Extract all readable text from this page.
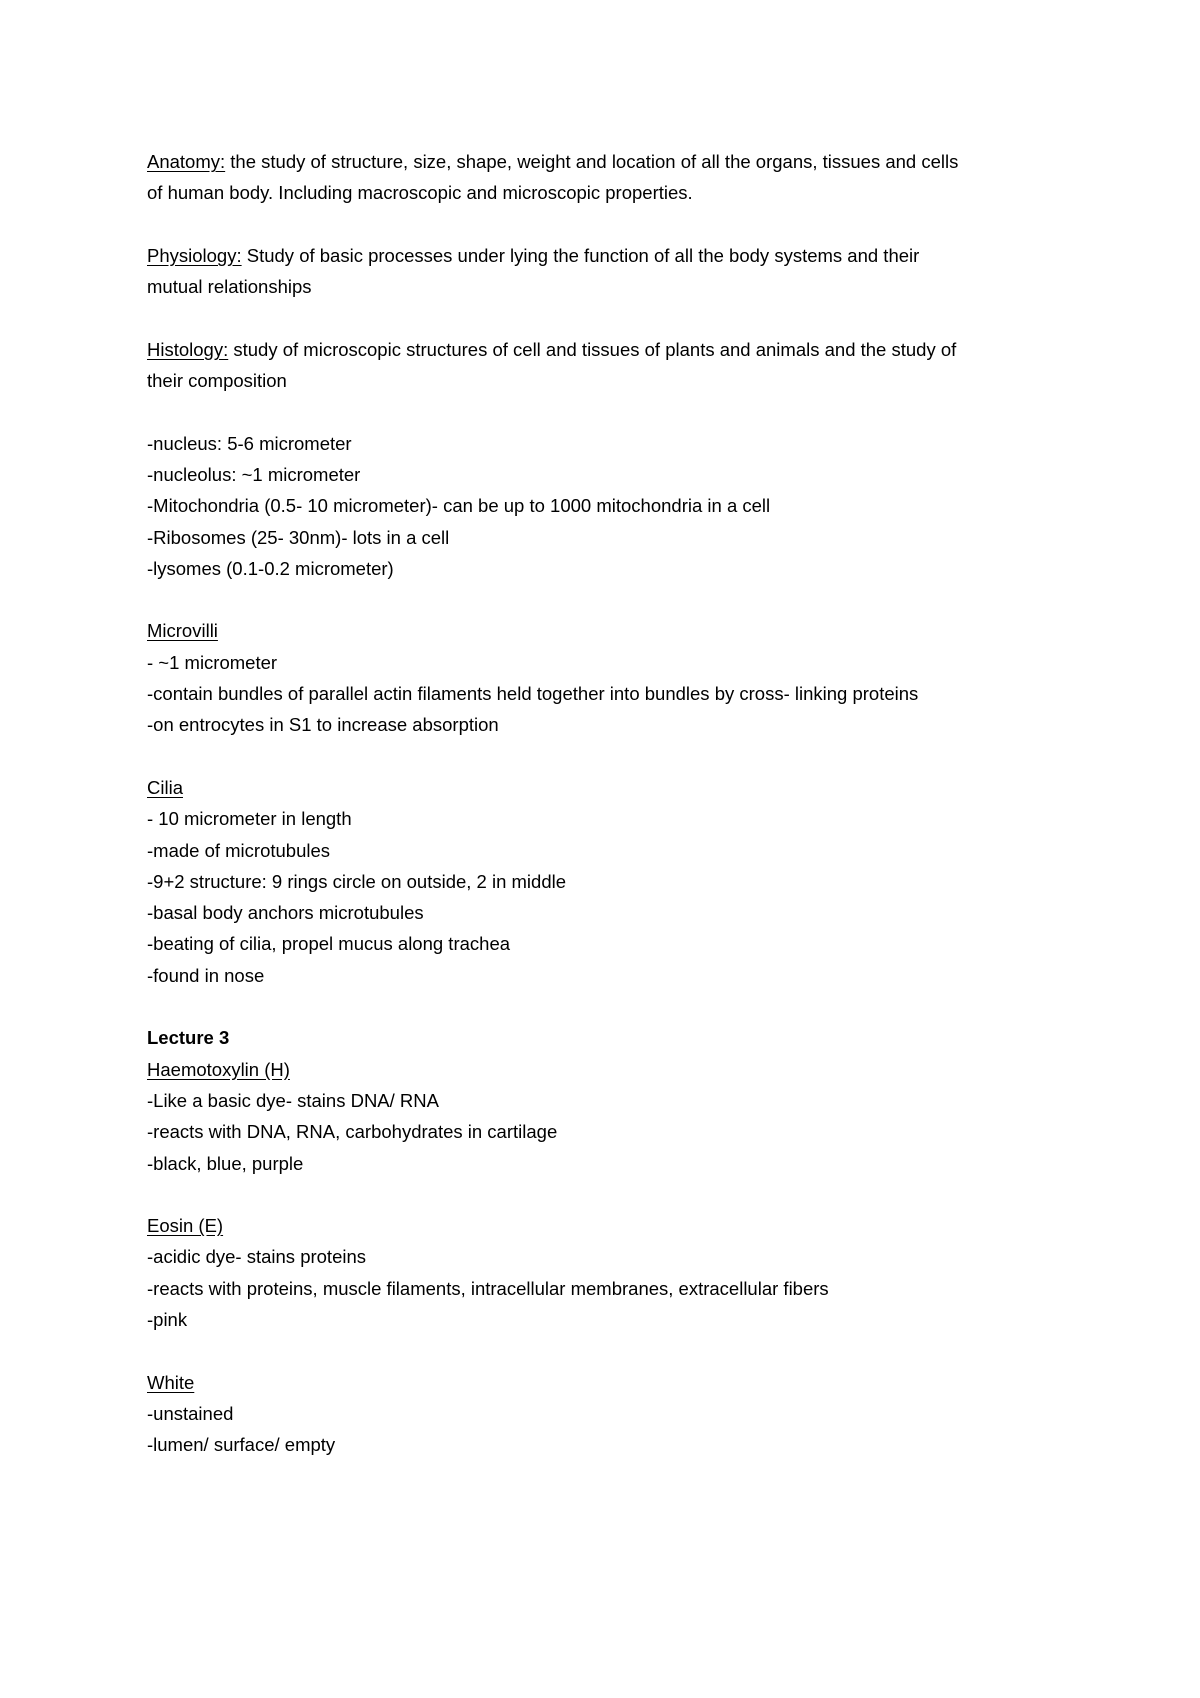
Anatomy: the study of structure, size, shape, weight and location of all the organs, tissues and cells
of human body. Including macroscopic and microscopic properties.
Physiology: Study of basic processes under lying the function of all the body systems and their
mutual relationships
Histology: study of microscopic structures of cell and tissues of plants and animals and the study of
their composition
-nucleus: 5-6 micrometer
-nucleolus: ~1 micrometer
-Mitochondria (0.5- 10 micrometer)- can be up to 1000 mitochondria in a cell
-Ribosomes (25- 30nm)- lots in a cell
-lysomes (0.1-0.2 micrometer)
Microvilli
- ~1 micrometer
-contain bundles of parallel actin filaments held together into bundles by cross- linking proteins
-on entrocytes in S1 to increase absorption
Cilia
- 10 micrometer in length
-made of microtubules
-9+2 structure: 9 rings circle on outside, 2 in middle
-basal body anchors microtubules
-beating of cilia, propel mucus along trachea
-found in nose
Lecture 3
Haemotoxylin (H)
-Like a basic dye- stains DNA/ RNA
-reacts with DNA, RNA, carbohydrates in cartilage
-black, blue, purple
Eosin (E)
-acidic dye- stains proteins
-reacts with proteins, muscle filaments, intracellular membranes, extracellular fibers
-pink
White
-unstained
-lumen/ surface/ empty
